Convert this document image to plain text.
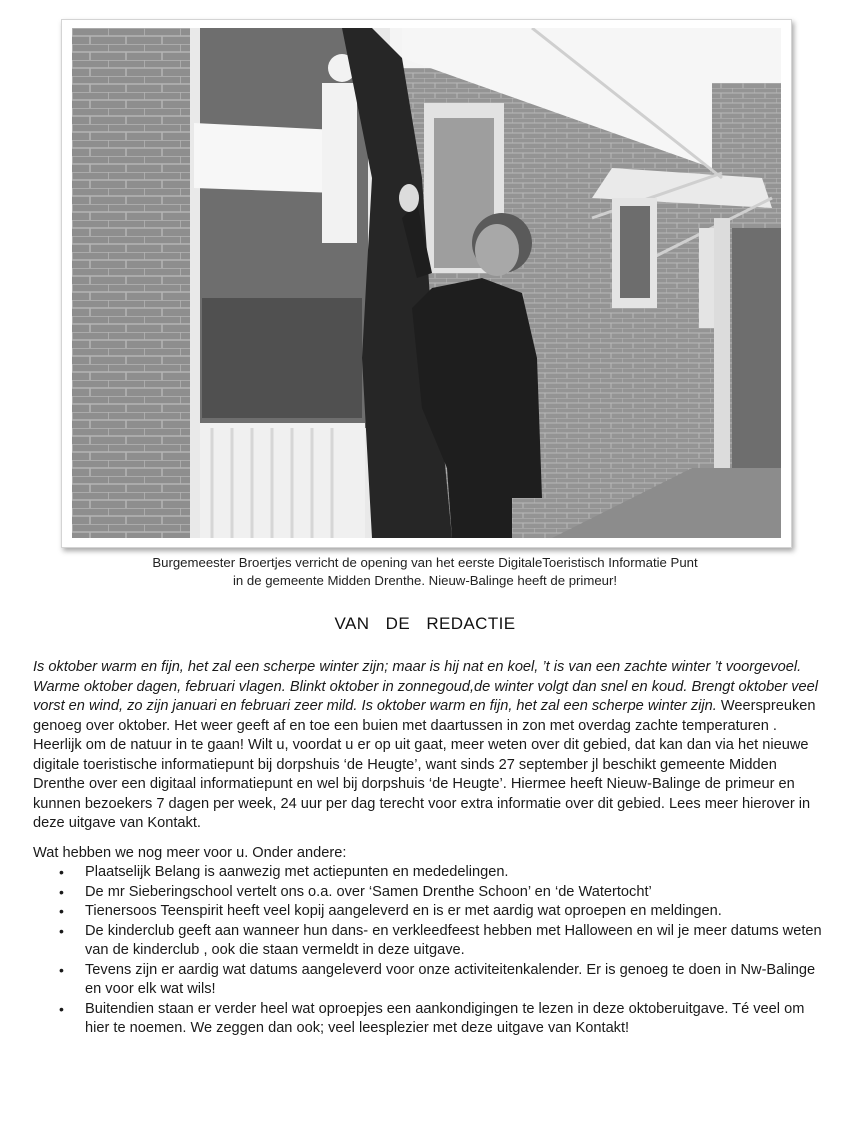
Burgemeester Broertjes verricht de opening van het eerste DigitaleToeristisch Informatie Punt
in de gemeente Midden Drenthe. Nieuw-Balinge heeft de primeur!
VAN  DE  REDACTIE

Is oktober warm en fijn, het zal een scherpe winter zijn; maar is hij nat en koel, ’t is van een zachte winter ’t voorgevoel. Warme oktober dagen, februari vlagen. Blinkt oktober in zonnegoud,de winter volgt dan snel en koud. Brengt oktober veel vorst en wind, zo zijn januari en februari zeer mild. Is oktober warm en fijn, het zal een scherpe winter zijn. Weerspreuken genoeg over oktober. Het weer geeft af en toe een buien met daartussen in zon met overdag zachte temperaturen . Heerlijk om de natuur in te gaan! Wilt u, voordat u er op uit gaat, meer weten over dit gebied, dat kan dan via het nieuwe digitale toeristische informatiepunt bij dorpshuis ‘de Heugte’, want sinds 27 september jl beschikt gemeente Midden Drenthe over een digitaal informatiepunt en wel bij dorpshuis ‘de Heugte’. Hiermee heeft Nieuw-Balinge de primeur en kunnen bezoekers 7 dagen per week, 24 uur per dag terecht voor extra informatie over dit gebied. Lees meer hierover in deze uitgave van Kontakt.

Wat hebben we nog meer voor u. Onder andere:

• Plaatselijk Belang is aanwezig met actiepunten en mededelingen.
• De mr Sieberingschool vertelt ons o.a. over ‘Samen Drenthe Schoon’ en ‘de Watertocht’
• Tienersoos Teenspirit heeft veel kopij aangeleverd en is er met aardig wat oproepen en meldingen.
• De kinderclub geeft aan wanneer hun dans- en verkleedfeest hebben met Halloween en wil je meer datums weten van de kinderclub , ook die staan vermeldt in deze uitgave.
• Tevens zijn er aardig wat datums aangeleverd voor onze activiteitenkalender. Er is genoeg te doen in Nw-Balinge en voor elk wat wils!
• Buitendien staan er verder heel wat oproepjes een aankondigingen te lezen in deze oktoberuitgave. Té veel om hier te noemen. We zeggen dan ook; veel leesplezier met deze uitgave van Kontakt!
